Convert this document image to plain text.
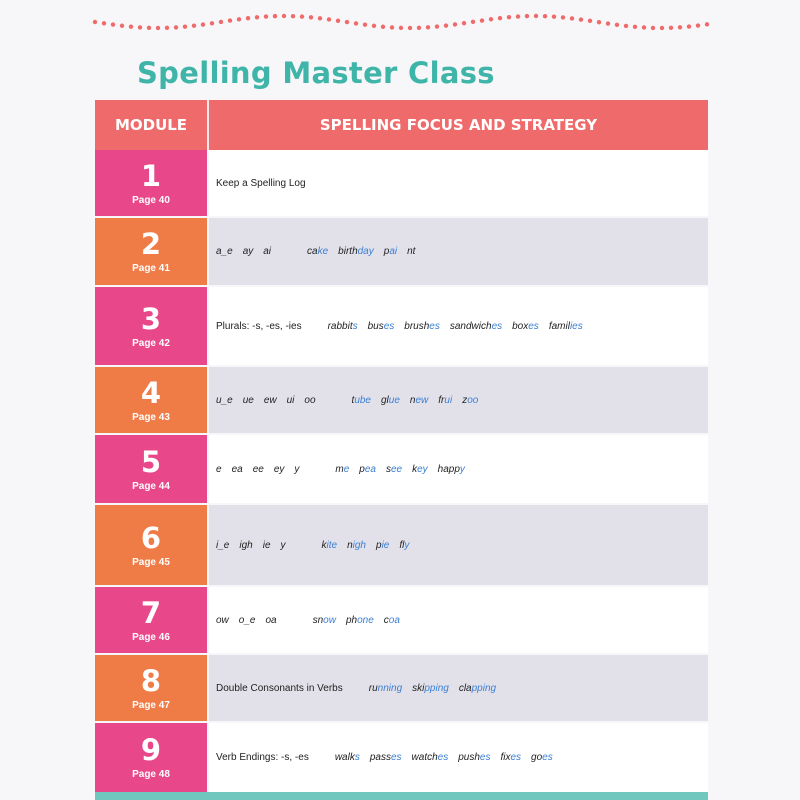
Spelling Master Class
MODULE	SPELLING FOCUS AND STRATEGY
1
Page 40
Keep a Spelling Log
2
Page 41
a_e ay ai	cake birthday pai nt
3
Page 42
Plurals: -s, -es, -ies	rabbits buses brushes sandwiches boxes families
4
Page 43
u_e ue ew ui oo	tube glue new frui zoo
5
Page 44
e ea ee ey y	me pea see key happy
6
Page 45
i_e igh ie y	kite nigh pie fly
7
Page 46
ow o_e oa	snow phone coa
8
Page 47
Double Consonants in Verbs	running skipping clapping
9
Page 48
Verb Endings: -s, -es	walks passes watches pushes fixes goes
